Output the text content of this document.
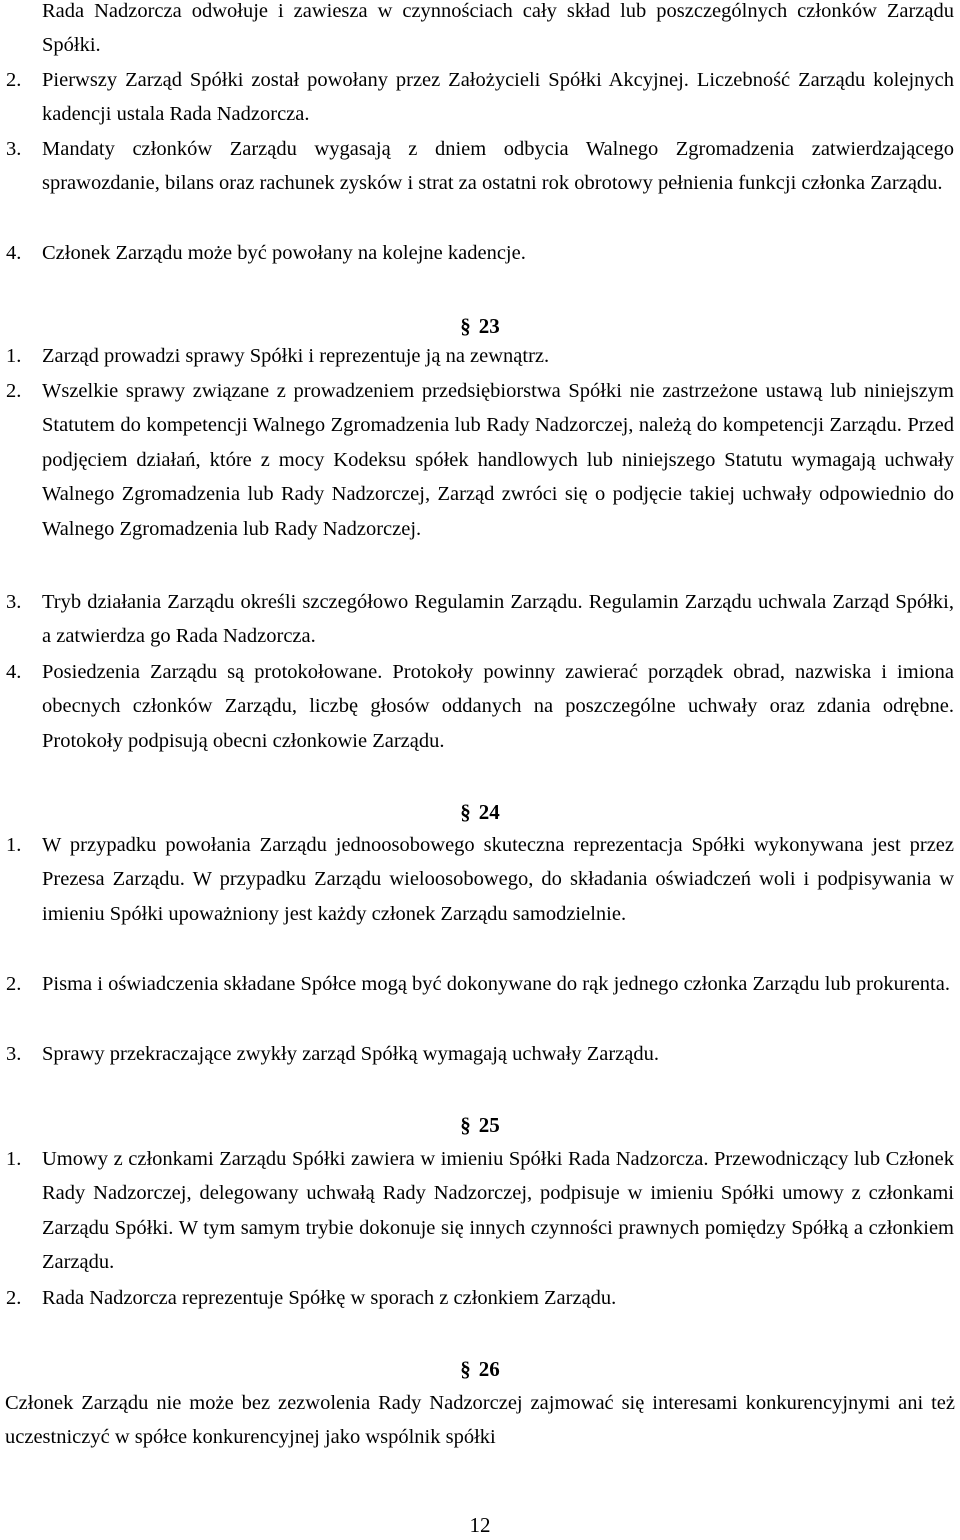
Rada Nadzorcza odwołuje i zawiesza w czynnościach cały skład lub poszczególnych członków Zarządu Spółki.
2.	Pierwszy Zarząd Spółki został powołany przez Założycieli Spółki Akcyjnej. Liczebność Zarządu kolejnych kadencji ustala Rada Nadzorcza.
3.	Mandaty członków Zarządu wygasają z dniem odbycia Walnego Zgromadzenia zatwierdzającego sprawozdanie, bilans oraz rachunek zysków i strat za ostatni rok obrotowy pełnienia funkcji członka Zarządu.
4.	Członek Zarządu może być powołany na kolejne kadencje.
§ 23
1.	Zarząd prowadzi sprawy Spółki i reprezentuje ją na zewnątrz.
2.	Wszelkie sprawy związane z prowadzeniem przedsiębiorstwa Spółki nie zastrzeżone ustawą lub niniejszym Statutem do kompetencji Walnego Zgromadzenia lub Rady Nadzorczej, należą do kompetencji Zarządu. Przed podjęciem działań, które z mocy Kodeksu spółek handlowych lub niniejszego Statutu wymagają uchwały Walnego Zgromadzenia lub Rady Nadzorczej, Zarząd zwróci się o podjęcie takiej uchwały odpowiednio do Walnego Zgromadzenia lub Rady Nadzorczej.
3.	Tryb działania Zarządu określi szczegółowo Regulamin Zarządu. Regulamin Zarządu uchwala Zarząd Spółki, a zatwierdza go Rada Nadzorcza.
4.	Posiedzenia Zarządu są protokołowane. Protokoły powinny zawierać porządek obrad, nazwiska i imiona obecnych członków Zarządu, liczbę głosów oddanych na poszczególne uchwały oraz zdania odrębne. Protokoły podpisują obecni członkowie Zarządu.
§ 24
1.	W przypadku powołania Zarządu jednoosobowego skuteczna reprezentacja Spółki wykonywana jest przez Prezesa Zarządu. W przypadku Zarządu wieloosobowego, do składania oświadczeń woli i podpisywania w imieniu Spółki upoważniony jest każdy członek Zarządu samodzielnie.
2.	Pisma i oświadczenia składane Spółce mogą być dokonywane do rąk jednego członka Zarządu lub prokurenta.
3.	Sprawy przekraczające zwykły zarząd Spółką wymagają uchwały Zarządu.
§ 25
1.	Umowy z członkami Zarządu Spółki zawiera w imieniu Spółki Rada Nadzorcza. Przewodniczący lub Członek Rady Nadzorczej, delegowany uchwałą Rady Nadzorczej, podpisuje w imieniu Spółki umowy z członkami Zarządu Spółki. W tym samym trybie dokonuje się innych czynności prawnych pomiędzy Spółką a członkiem Zarządu.
2.	Rada Nadzorcza reprezentuje Spółkę w sporach z członkiem Zarządu.
§ 26
Członek Zarządu nie może bez zezwolenia Rady Nadzorczej zajmować się interesami konkurencyjnymi ani też uczestniczyć w spółce konkurencyjnej jako wspólnik spółki
12
